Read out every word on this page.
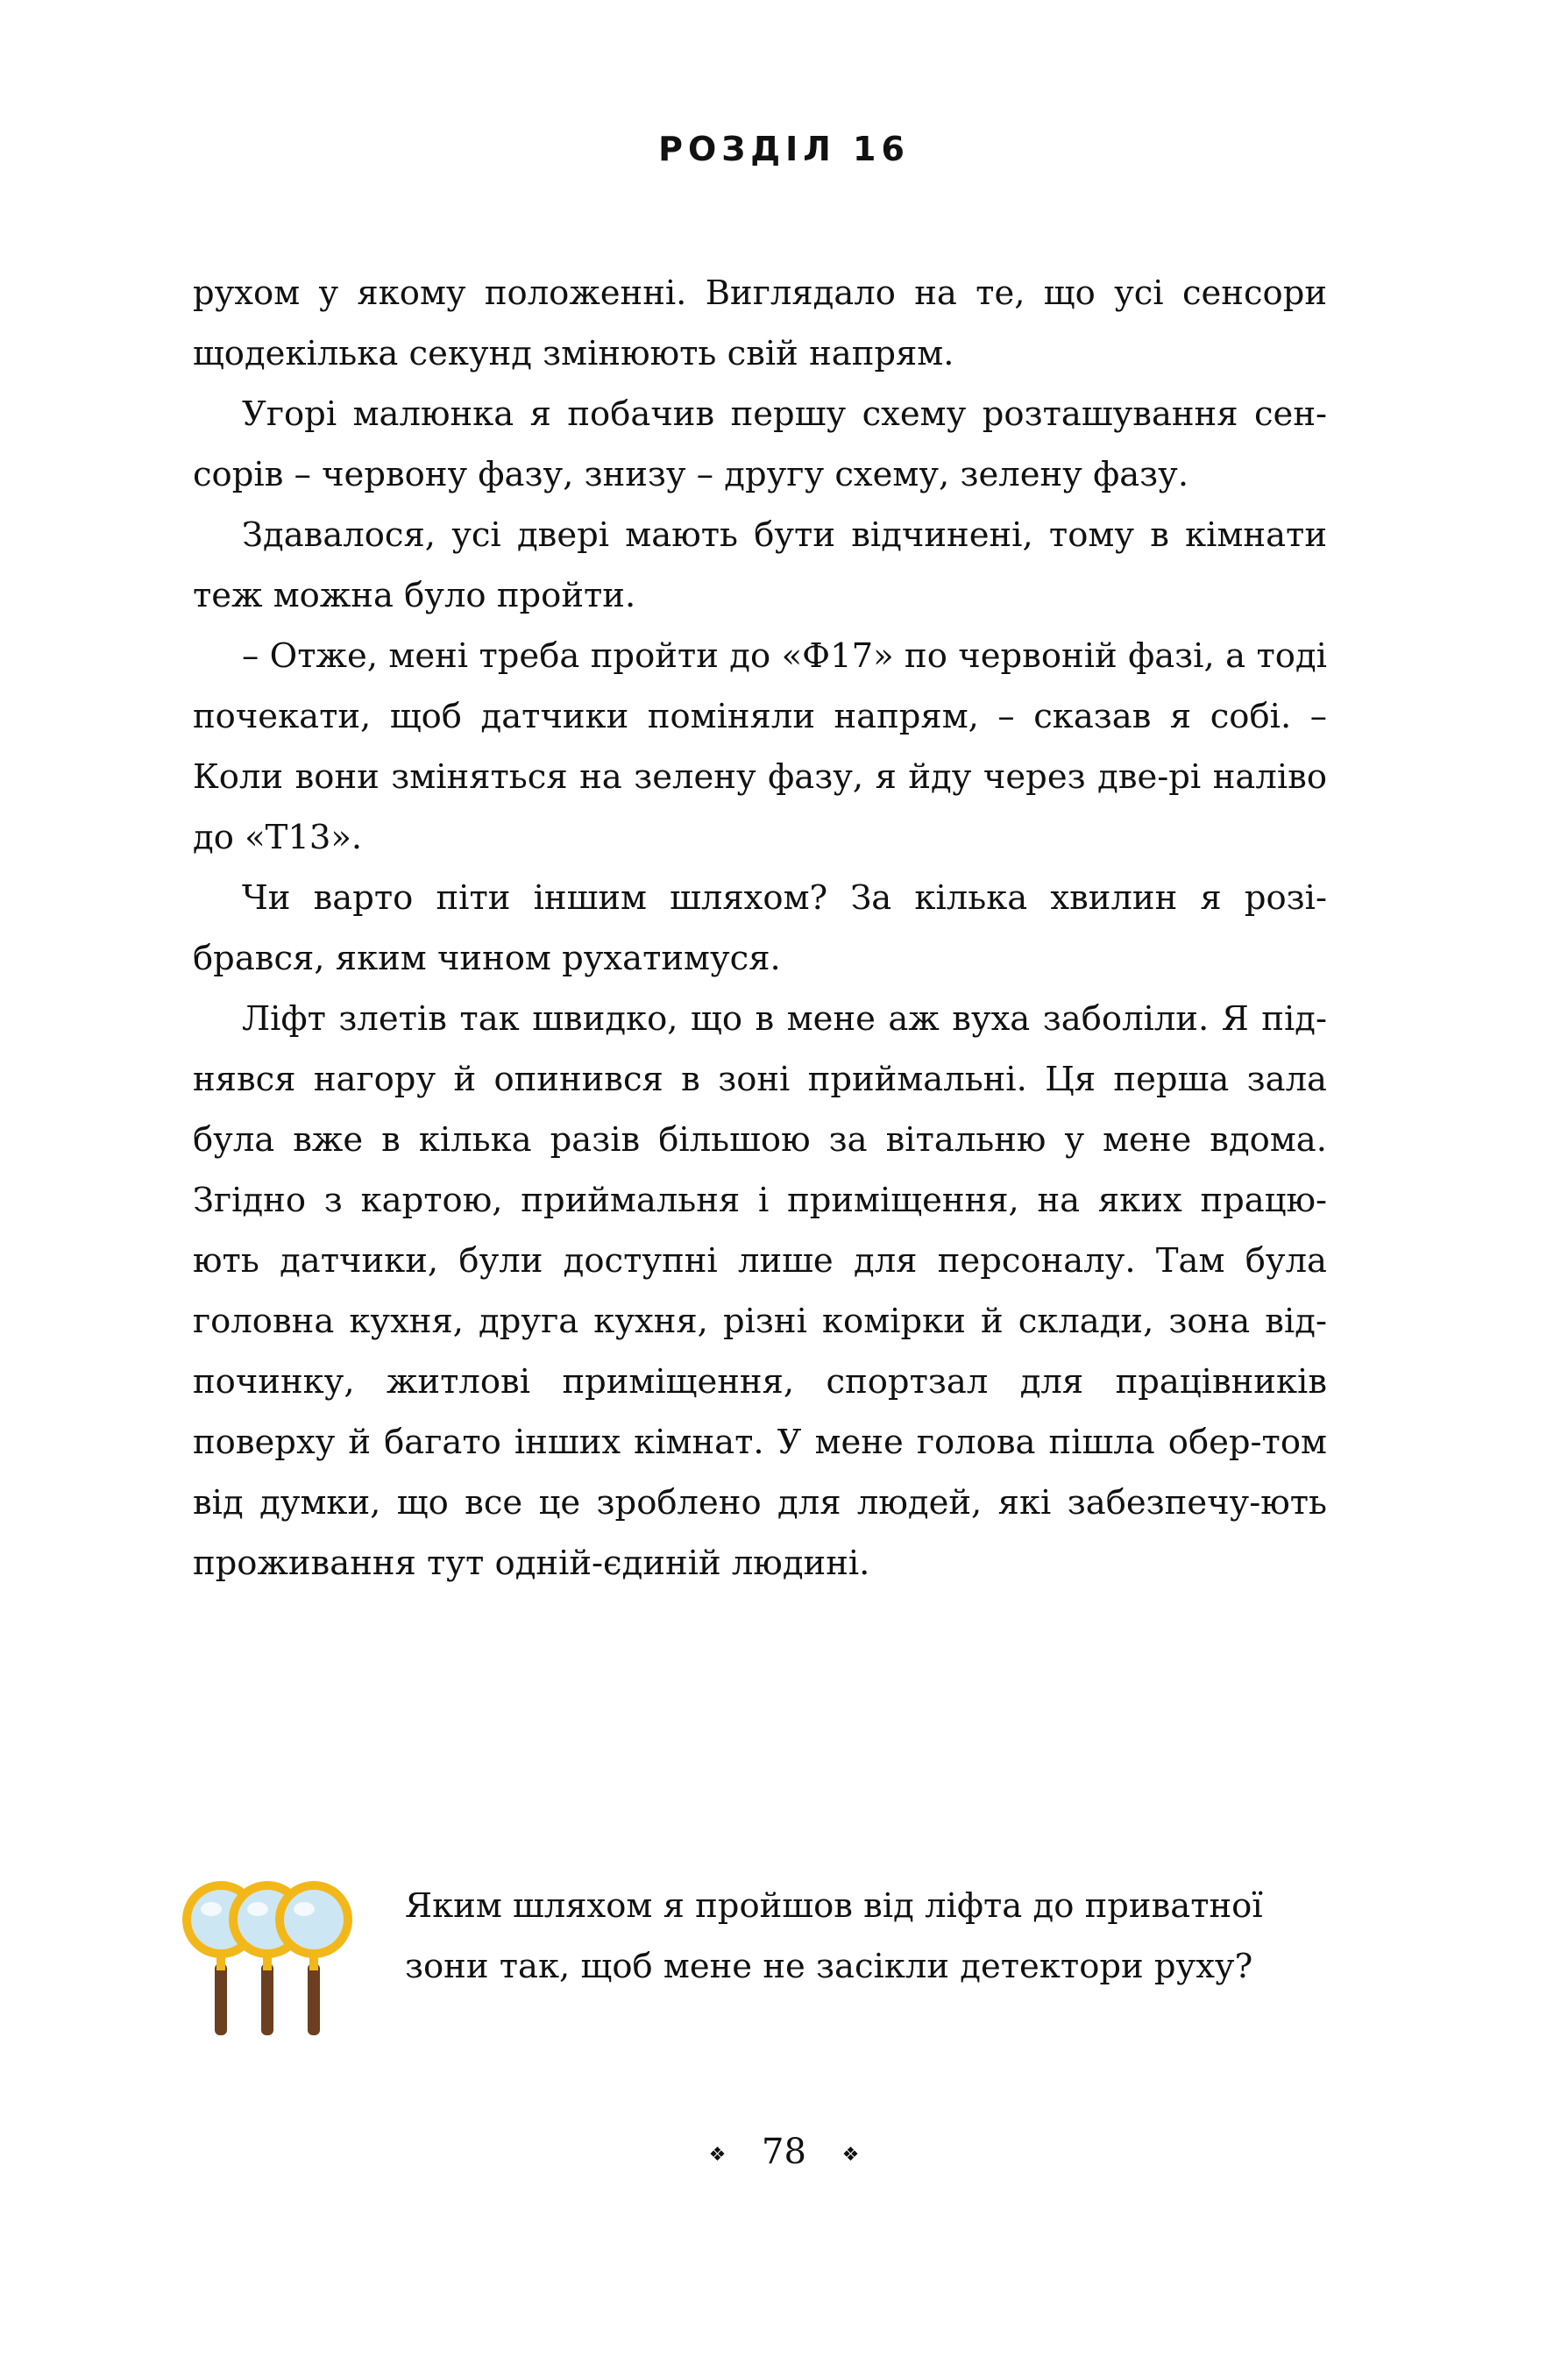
РОЗДІЛ 16

рухом у якому положенні. Виглядало на те, що усі сенсори щодекілька секунд змінюють свій напрям.

Угорі малюнка я побачив першу схему розташування сен-сорів – червону фазу, знизу – другу схему, зелену фазу.

Здавалося, усі двері мають бути відчинені, тому в кімнати теж можна було пройти.

– Отже, мені треба пройти до «Ф17» по червоній фазі, а тоді почекати, щоб датчики поміняли напрям, – сказав я собі. – Коли вони зміняться на зелену фазу, я йду через две-рі наліво до «Т13».

Чи варто піти іншим шляхом? За кілька хвилин я розі-брався, яким чином рухатимуся.

Ліфт злетів так швидко, що в мене аж вуха заболіли. Я під-нявся нагору й опинився в зоні приймальні. Ця перша зала була вже в кілька разів більшою за вітальню у мене вдома. Згідно з картою, приймальня і приміщення, на яких працю-ють датчики, були доступні лише для персоналу. Там була головна кухня, друга кухня, різні комірки й склади, зона від-починку, житлові приміщення, спортзал для працівників поверху й багато інших кімнат. У мене голова пішла обер-том від думки, що все це зроблено для людей, які забезпечу-ють проживання тут одній-єдиній людині.

Яким шляхом я пройшов від ліфта до приватної зони так, щоб мене не засікли детектори руху?
❖ 78 ❖
